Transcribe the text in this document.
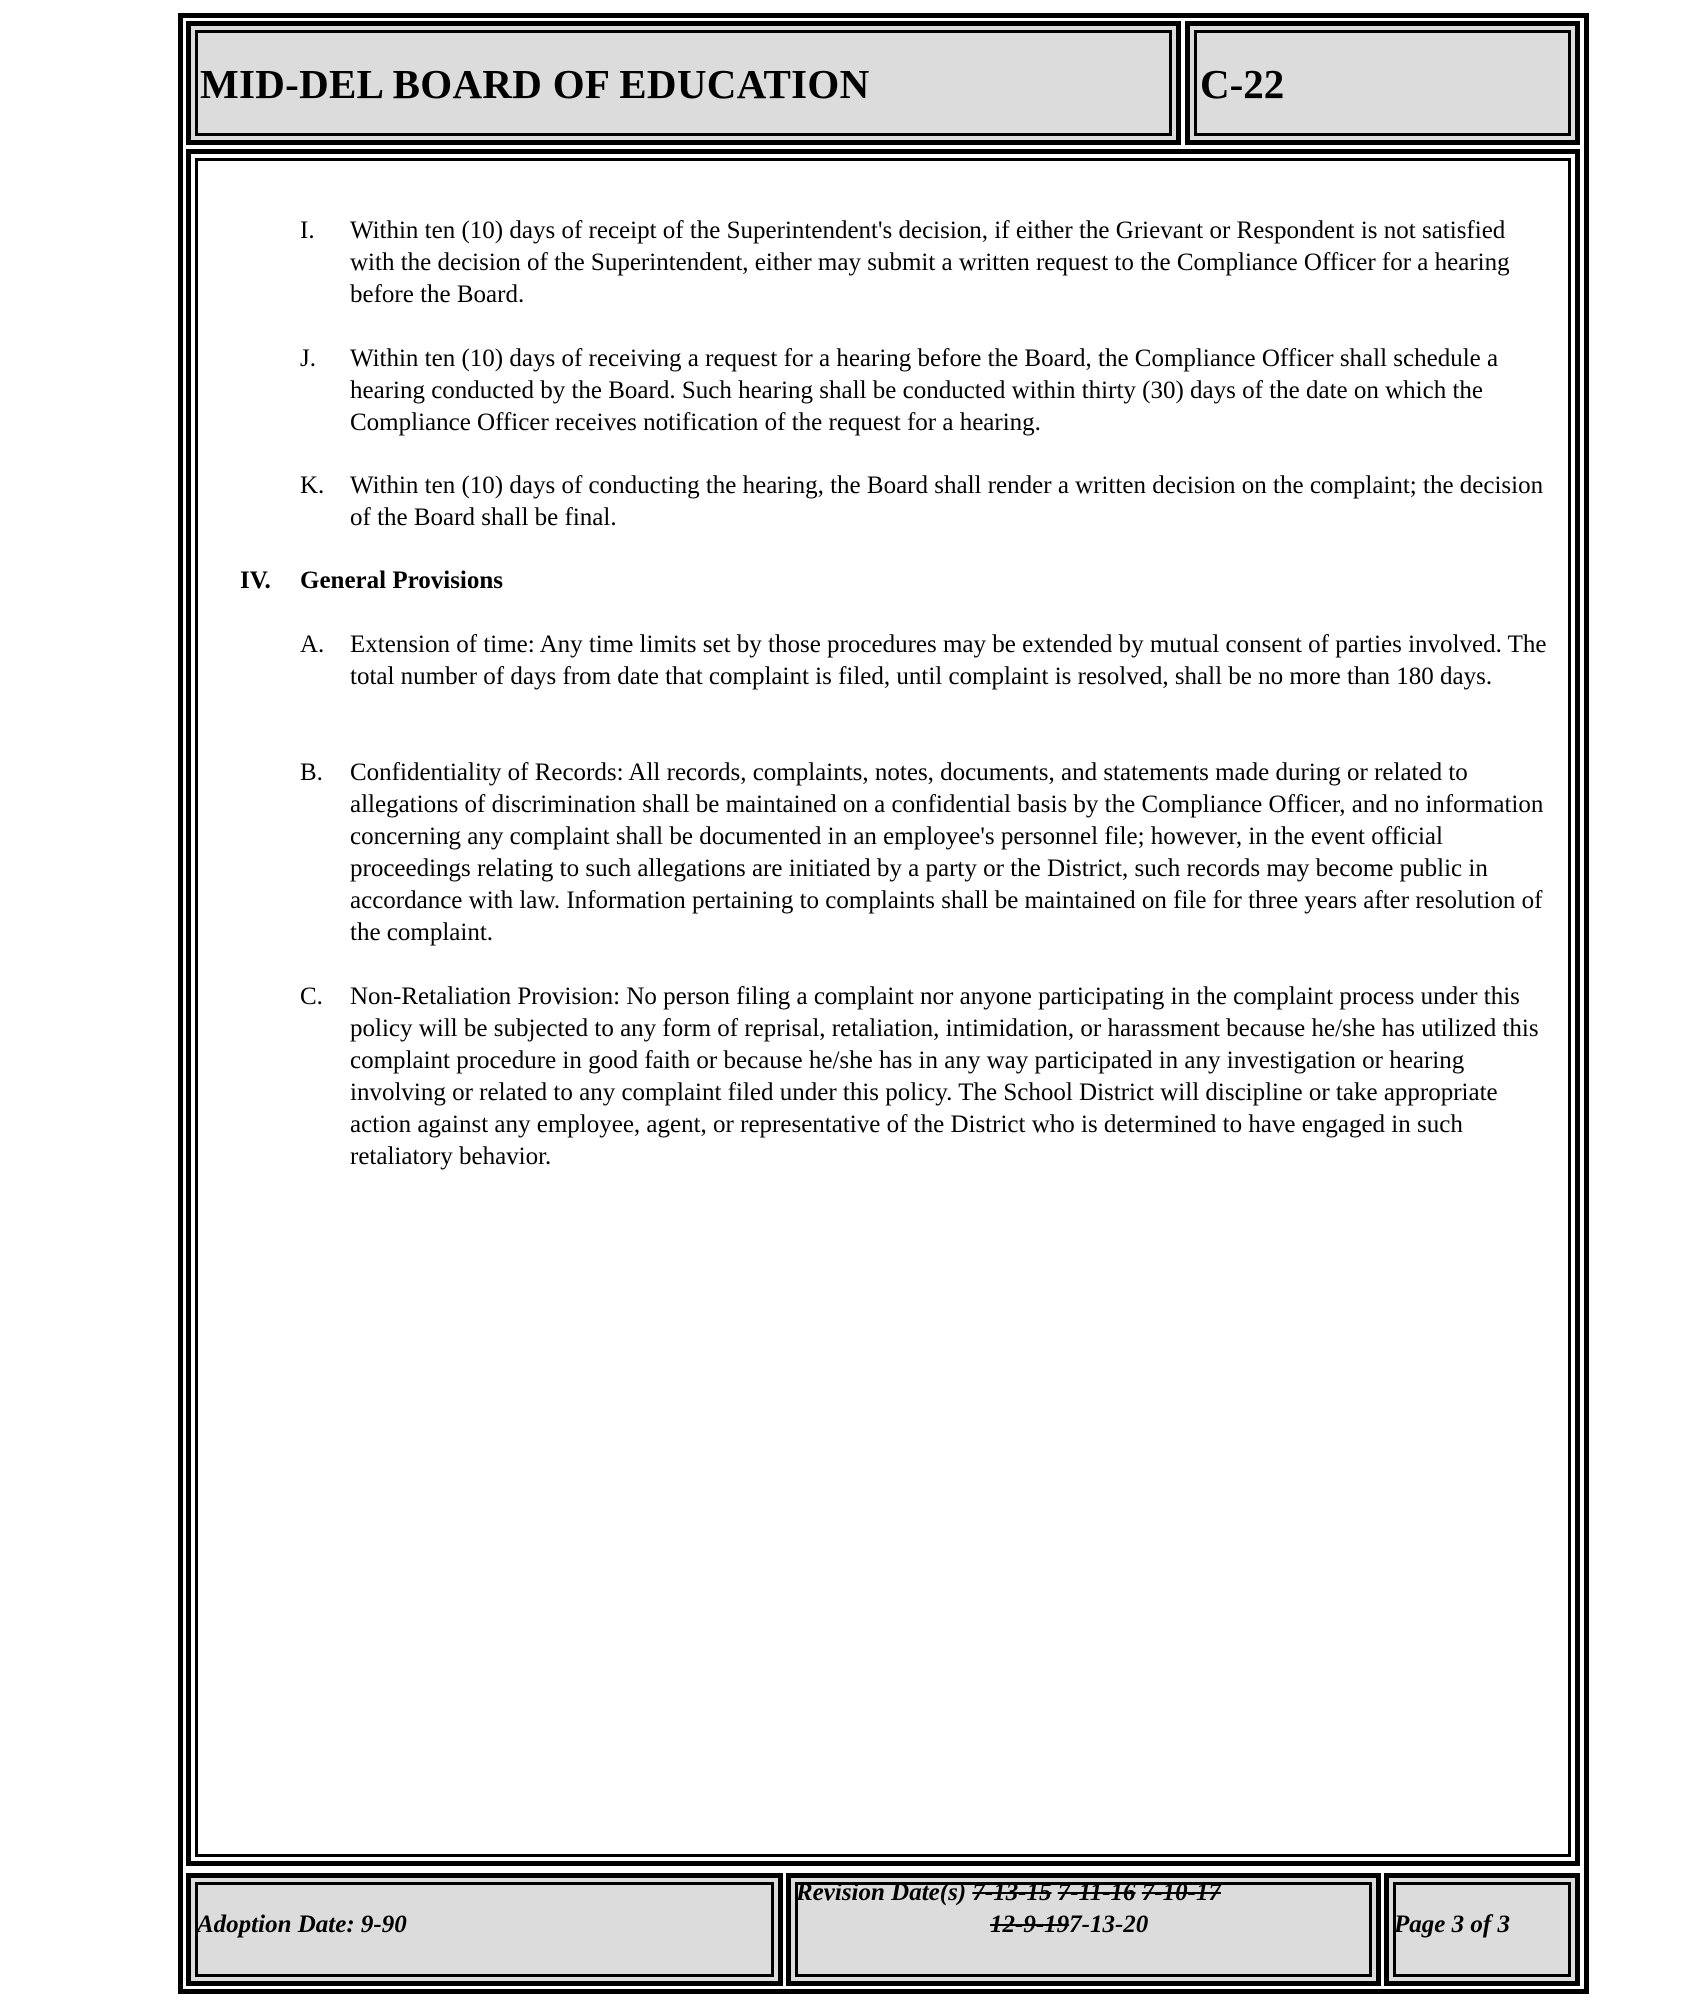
MID-DEL BOARD OF EDUCATION	C-22
I. Within ten (10) days of receipt of the Superintendent's decision, if either the Grievant or Respondent is not satisfied with the decision of the Superintendent, either may submit a written request to the Compliance Officer for a hearing before the Board.
J. Within ten (10) days of receiving a request for a hearing before the Board, the Compliance Officer shall schedule a hearing conducted by the Board. Such hearing shall be conducted within thirty (30) days of the date on which the Compliance Officer receives notification of the request for a hearing.
K. Within ten (10) days of conducting the hearing, the Board shall render a written decision on the complaint; the decision of the Board shall be final.
IV. General Provisions
A. Extension of time: Any time limits set by those procedures may be extended by mutual consent of parties involved. The total number of days from date that complaint is filed, until complaint is resolved, shall be no more than 180 days.
B. Confidentiality of Records: All records, complaints, notes, documents, and statements made during or related to allegations of discrimination shall be maintained on a confidential basis by the Compliance Officer, and no information concerning any complaint shall be documented in an employee's personnel file; however, in the event official proceedings relating to such allegations are initiated by a party or the District, such records may become public in accordance with law. Information pertaining to complaints shall be maintained on file for three years after resolution of the complaint.
C. Non-Retaliation Provision: No person filing a complaint nor anyone participating in the complaint process under this policy will be subjected to any form of reprisal, retaliation, intimidation, or harassment because he/she has utilized this complaint procedure in good faith or because he/she has in any way participated in any investigation or hearing involving or related to any complaint filed under this policy. The School District will discipline or take appropriate action against any employee, agent, or representative of the District who is determined to have engaged in such retaliatory behavior.
Adoption Date: 9-90
Revision Date(s) 7-13-15 7-11-16 7-10-17
12-9-197-13-20	Page 3 of 3
